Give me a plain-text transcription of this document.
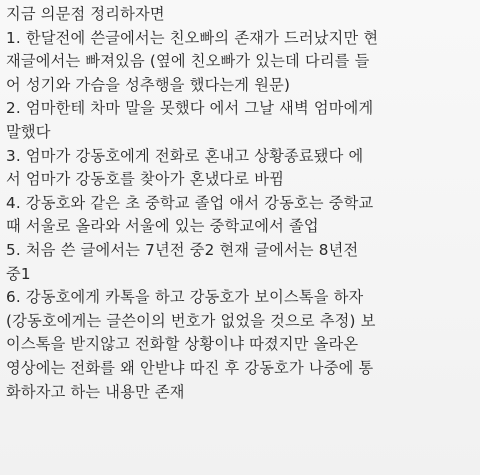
지금 의문점 정리하자면
1. 한달전에 쓴글에서는 친오빠의 존재가 드러났지만 현
재글에서는 빠져있음 (옆에 친오빠가 있는데 다리를 들
어 성기와 가슴을 성추행을 했다는게 원문)
2. 엄마한테 차마 말을 못했다 에서 그날 새벽 엄마에게
말했다
3. 엄마가 강동호에게 전화로 혼내고 상황종료됐다 에
서 엄마가 강동호를 찾아가 혼냈다로 바뀜
4. 강동호와 같은 초 중학교 졸업 애서 강동호는 중학교
때 서울로 올라와 서울에 있는 중학교에서 졸업
5. 처음 쓴 글에서는 7년전 중2 현재 글에서는 8년전
중1
6. 강동호에게 카톡을 하고 강동호가 보이스톡을 하자
(강동호에게는 글쓴이의 번호가 없었을 것으로 추정) 보
이스톡을 받지않고 전화할 상황이냐 따졌지만 올라온
영상에는 전화를 왜 안받냐 따진 후 강동호가 나중에 통
화하자고 하는 내용만 존재
